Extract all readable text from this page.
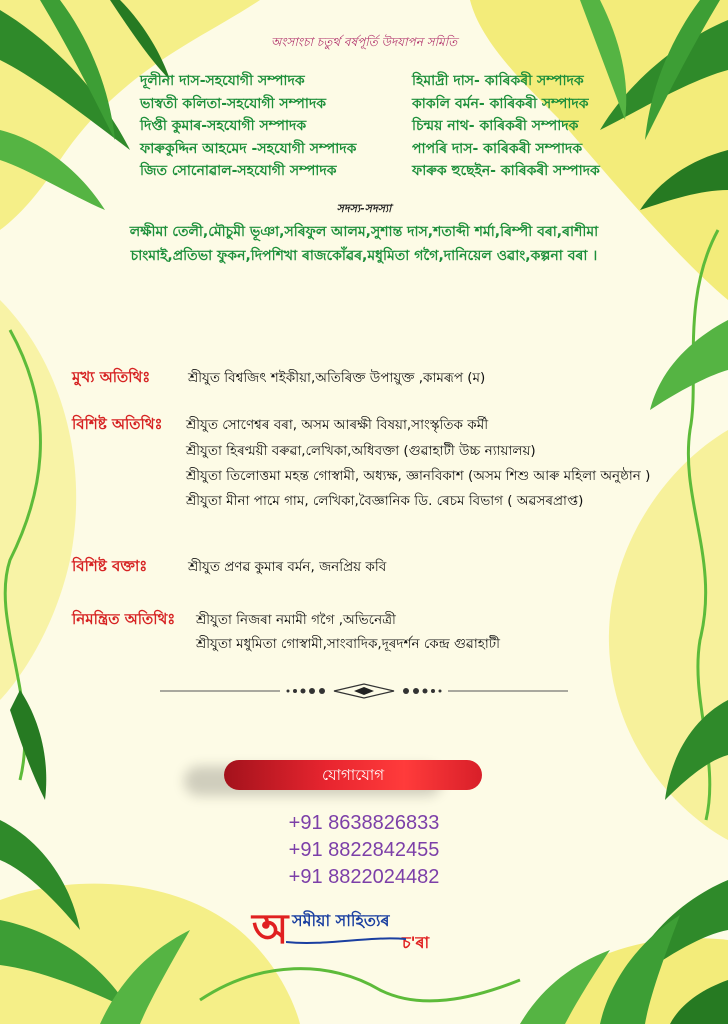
অংসাংচা চতুৰ্থ বৰ্ষপূৰ্তি উদযাপন সমিতি
দূলীনা দাস-সহযোগী সম্পাদক
ভাস্বতী কলিতা-সহযোগী সম্পাদক
দিপ্তী কুমাৰ-সহযোগী সম্পাদক
ফাৰুকুদ্দিন আহমেদ -সহযোগী সম্পাদক
জিত সোনোৱাল-সহযোগী সম্পাদক
হিমাদ্ৰী দাস- কাৰিকৰী সম্পাদক
কাকলি বৰ্মন- কাৰিকৰী সম্পাদক
চিন্ময় নাথ- কাৰিকৰী সম্পাদক
পাপৰি দাস- কাৰিকৰী সম্পাদক
ফাৰুক হুছেইন- কাৰিকৰী সম্পাদক
সদস্য-সদস্যা
লক্ষীমা তেলী,মৌচুমী ভূঞা,সৰিফুল আলম,সুশান্ত দাস,শতাব্দী শৰ্মা,ৰিম্পী বৰা,ৰাশীমা
চাংমাই,প্ৰতিভা ফুকন,দিপশিখা ৰাজকোঁৱৰ,মধুমিতা গগৈ,দানিয়েল ওৱাং,কল্পনা বৰা ।
মুখ্য অতিথিঃ	শ্ৰীযুত বিশ্বজিৎ শইকীয়া,অতিৰিক্ত উপায়ুক্ত ,কামৰূপ (ম)
বিশিষ্ট অতিথিঃ শ্ৰীযুত সোণেশ্বৰ বৰা, অসম আৰক্ষী বিষয়া,সাংস্কৃতিক কৰ্মী
শ্ৰীযুতা হিৰণ্ময়ী বৰুৱা,লেখিকা,অধিবক্তা (গুৱাহাটী উচ্চ ন্যায়ালয়)
শ্ৰীযুতা তিলোত্তমা মহন্ত গোস্বামী, অধ্যক্ষ, জ্ঞানবিকাশ (অসম শিশু আৰু মহিলা অনুষ্ঠান )
শ্ৰীযুতা মীনা পামে গাম, লেখিকা,বৈজ্ঞানিক ডি. ৰেচম বিভাগ ( অৱসৰপ্ৰাপ্ত)
বিশিষ্ট বক্তাঃ	শ্ৰীযুত প্ৰণৱ কুমাৰ বৰ্মন, জনপ্ৰিয় কবি
নিমন্ত্ৰিত অতিথিঃ শ্ৰীযুতা নিজৰা নমামী গগৈ ,অভিনেত্ৰী
শ্ৰীযুতা মধুমিতা গোস্বামী,সাংবাদিক,দূৰদৰ্শন কেন্দ্ৰ গুৱাহাটী
যোগাযোগ
+91 8638826833
+91 8822842455
+91 8822024482
অ সমীয়া সাহিত্যৰ
চ'ৰা
